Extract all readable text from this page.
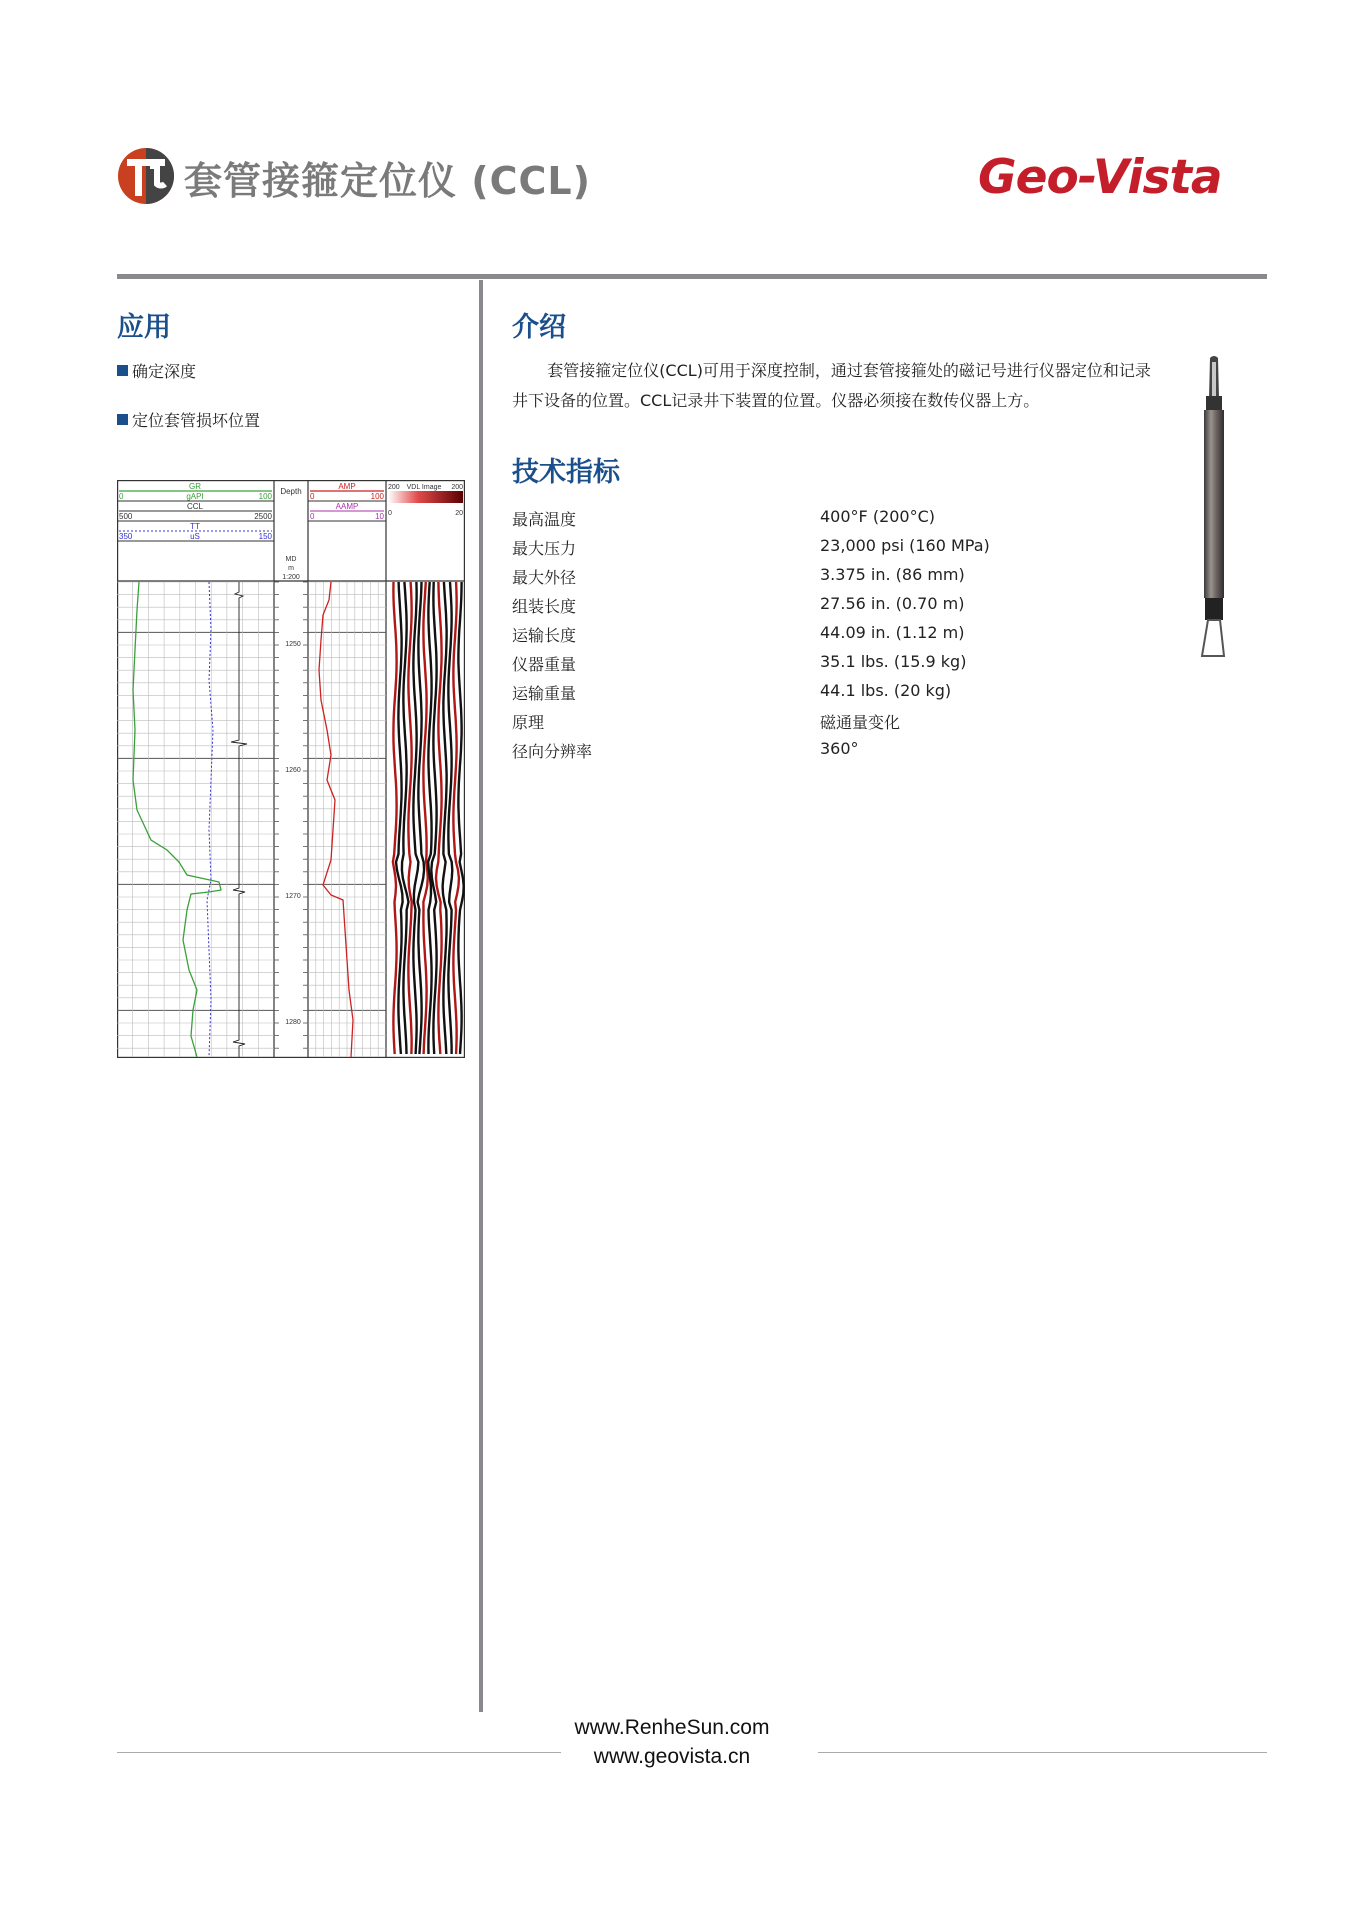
套管接箍定位仪 (CCL)	Geo-Vista
应用
确定深度
定位套管损坏位置
GR
0	gAPI	100
CCL
500	2500
TT
350	uS	150
Depth
MD
m
1:200
AMP
0	100
AAMP
0	10
200 VDL Image 200
0	20
1250
1260
1270
1280
介绍

套管接箍定位仪(CCL)可用于深度控制，通过套管接箍处的磁记号进行仪器定位和记录井下设备的位置。CCL记录井下装置的位置。仪器必须接在数传仪器上方。

技术指标
最高温度	400°F (200°C)
最大压力	23,000 psi (160 MPa)
最大外径	3.375 in. (86 mm)
组装长度	27.56 in. (0.70 m)
运输长度	44.09 in. (1.12 m)
仪器重量	35.1 lbs. (15.9 kg)
运输重量	44.1 lbs. (20 kg)
原理	磁通量变化
径向分辨率	360°
www.RenheSun.com
www.geovista.cn
